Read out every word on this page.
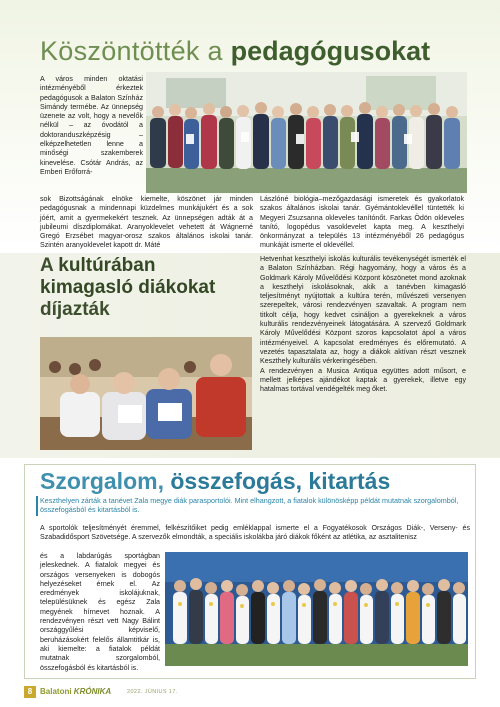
Köszöntötték a pedagógusokat

A város minden oktatási intézményéből érkeztek pedagógusok a Balaton Színház Simándy termébe. Az ünnepség üzenete az volt, hogy a nevelők nélkül – az óvodától a doktoranduszképzésig – elképzelhetetlen lenne a minőségi szakemberek kinevelése. Csótár András, az Emberi Erőforrá-

sok Bizottságának elnöke kiemelte, köszönet jár minden pedagógusnak a mindennapi küzdelmes munkájukért és a sok jóért, amit a gyermekekért tesznek. Az ünnepségen adták át a jubileumi díszdiplomákat. Aranyoklevelet vehetett át Wágnerné Gregó Erzsébet magyar-orosz szakos általános iskolai tanár. Szintén aranyoklevelet kapott dr. Máté

Lászlóné biológia–mezőgazdasági ismeretek és gyakorlatok szakos általános iskolai tanár. Gyémántoklevéllel tüntették ki Megyeri Zsuzsanna okleveles tanítónőt. Farkas Ödön okleveles tanító, logopédus vasoklevelet kapta meg. A keszthelyi önkormányzat a település 13 intézményéből 26 pedagógus munkáját ismerte el oklevéllel.

A kultúrában kimagasló diákokat díjazták

Hetvenhat keszthelyi iskolás kulturális tevékenységét ismerték el a Balaton Színházban. Régi hagyomány, hogy a város és a Goldmark Károly Művelődési Központ köszönetet mond azoknak a keszthelyi iskolásoknak, akik a tanévben kimagasló teljesítményt nyújtottak a kultúra terén, művészeti versenyen szerepeltek, városi rendezvényen szavaltak. A program nem titkolt célja, hogy kedvet csináljon a gyerekeknek a város kulturális rendezvényeinek látogatására. A szervező Goldmark Károly Művelődési Központ szoros kapcsolatot ápol a város intézményeivel. A kapcsolat eredményes és előremutató. A vezetés tapasztalata az, hogy a diákok aktívan részt vesznek Keszthely kulturális vérkeringésében.

A rendezvényen a Musica Antiqua együttes adott műsort, e mellett jelképes ajándékot kaptak a gyerekek, illetve egy hatalmas tortával vendégelték meg őket.

Szorgalom, összefogás, kitartás

Keszthelyen zárták a tanévet Zala megye diák parasportolói. Mint elhangzott, a fiatalok különösképp példát mutatnak szorgalomból, összefogásból és kitartásból is.

A sportolók teljesítményét éremmel, felkészítőiket pedig emléklappal ismerte el a Fogyatékosok Országos Diák-, Verseny- és Szabadidősport Szövetsége. A szervezők elmondták, a speciális iskolákba járó diákok főként az atlétika, az asztalitenisz

és a labdarúgás sportágban jeleskednek. A fiatalok megyei és országos versenyeken is dobogós helyezéseket érnek el. Az eredmények iskolájuknak, településüknek és egész Zala megyének hírnevet hoznak. A rendezvényen részt vett Nagy Bálint országgyűlési képviselő, beruházásokért felelős államtitkár is, aki kiemelte: a fiatalok példát mutatnak szorgalomból, összefogásból és kitartásból is.

8 Balatoni KRÓNIKA	2022. JÚNIUS 17.
